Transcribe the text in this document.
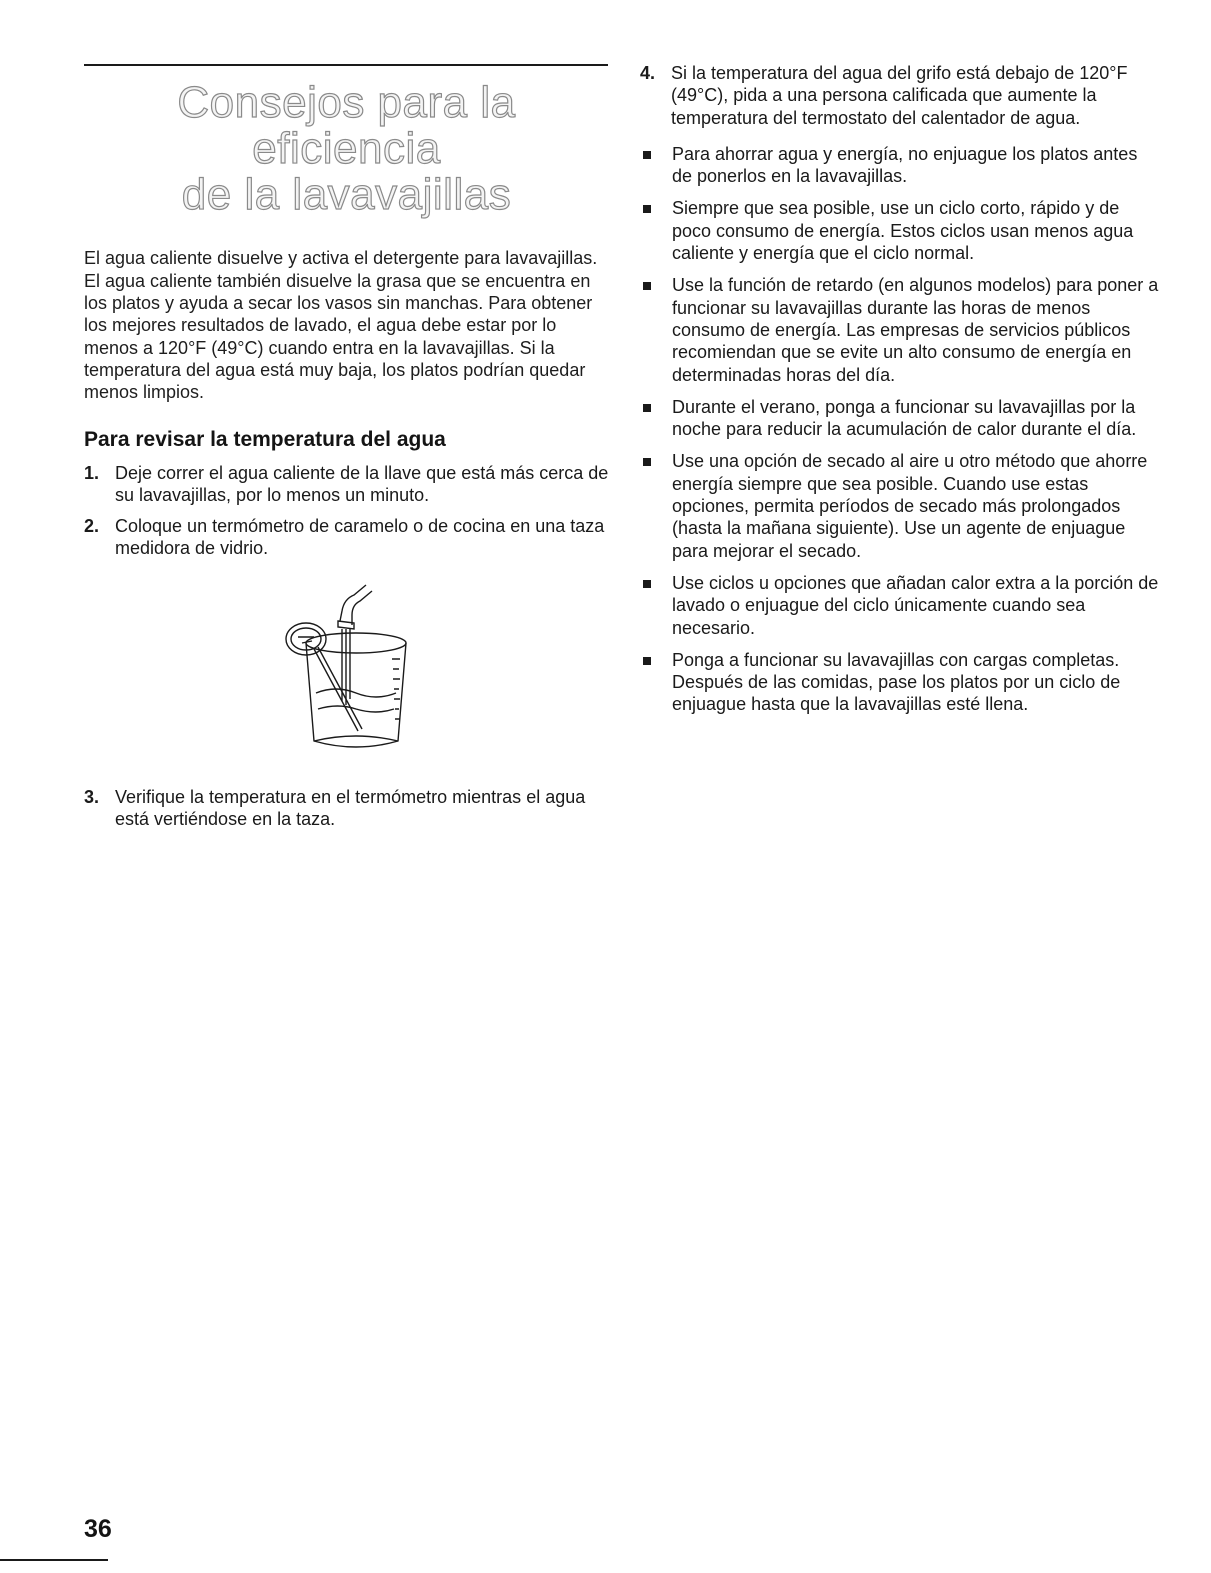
Consejos para la eficiencia
de la lavavajillas

El agua caliente disuelve y activa el detergente para lavavajillas. El agua caliente también disuelve la grasa que se encuentra en los platos y ayuda a secar los vasos sin manchas. Para obtener los mejores resultados de lavado, el agua debe estar por lo menos a 120°F (49°C) cuando entra en la lavavajillas. Si la temperatura del agua está muy baja, los platos podrían quedar menos limpios.

Para revisar la temperatura del agua
1. Deje correr el agua caliente de la llave que está más cerca de su lavavajillas, por lo menos un minuto.
2. Coloque un termómetro de caramelo o de cocina en una taza medidora de vidrio.
3. Verifique la temperatura en el termómetro mientras el agua está vertiéndose en la taza.
4. Si la temperatura del agua del grifo está debajo de 120°F (49°C), pida a una persona calificada que aumente la temperatura del termostato del calentador de agua.
Para ahorrar agua y energía, no enjuague los platos antes de ponerlos en la lavavajillas.
Siempre que sea posible, use un ciclo corto, rápido y de poco consumo de energía. Estos ciclos usan menos agua caliente y energía que el ciclo normal.
Use la función de retardo (en algunos modelos) para poner a funcionar su lavavajillas durante las horas de menos consumo de energía. Las empresas de servicios públicos recomiendan que se evite un alto consumo de energía en determinadas horas del día.
Durante el verano, ponga a funcionar su lavavajillas por la noche para reducir la acumulación de calor durante el día.
Use una opción de secado al aire u otro método que ahorre energía siempre que sea posible. Cuando use estas opciones, permita períodos de secado más prolongados (hasta la mañana siguiente). Use un agente de enjuague para mejorar el secado.
Use ciclos u opciones que añadan calor extra a la porción de lavado o enjuague del ciclo únicamente cuando sea necesario.
Ponga a funcionar su lavavajillas con cargas completas. Después de las comidas, pase los platos por un ciclo de enjuague hasta que la lavavajillas esté llena.
36
